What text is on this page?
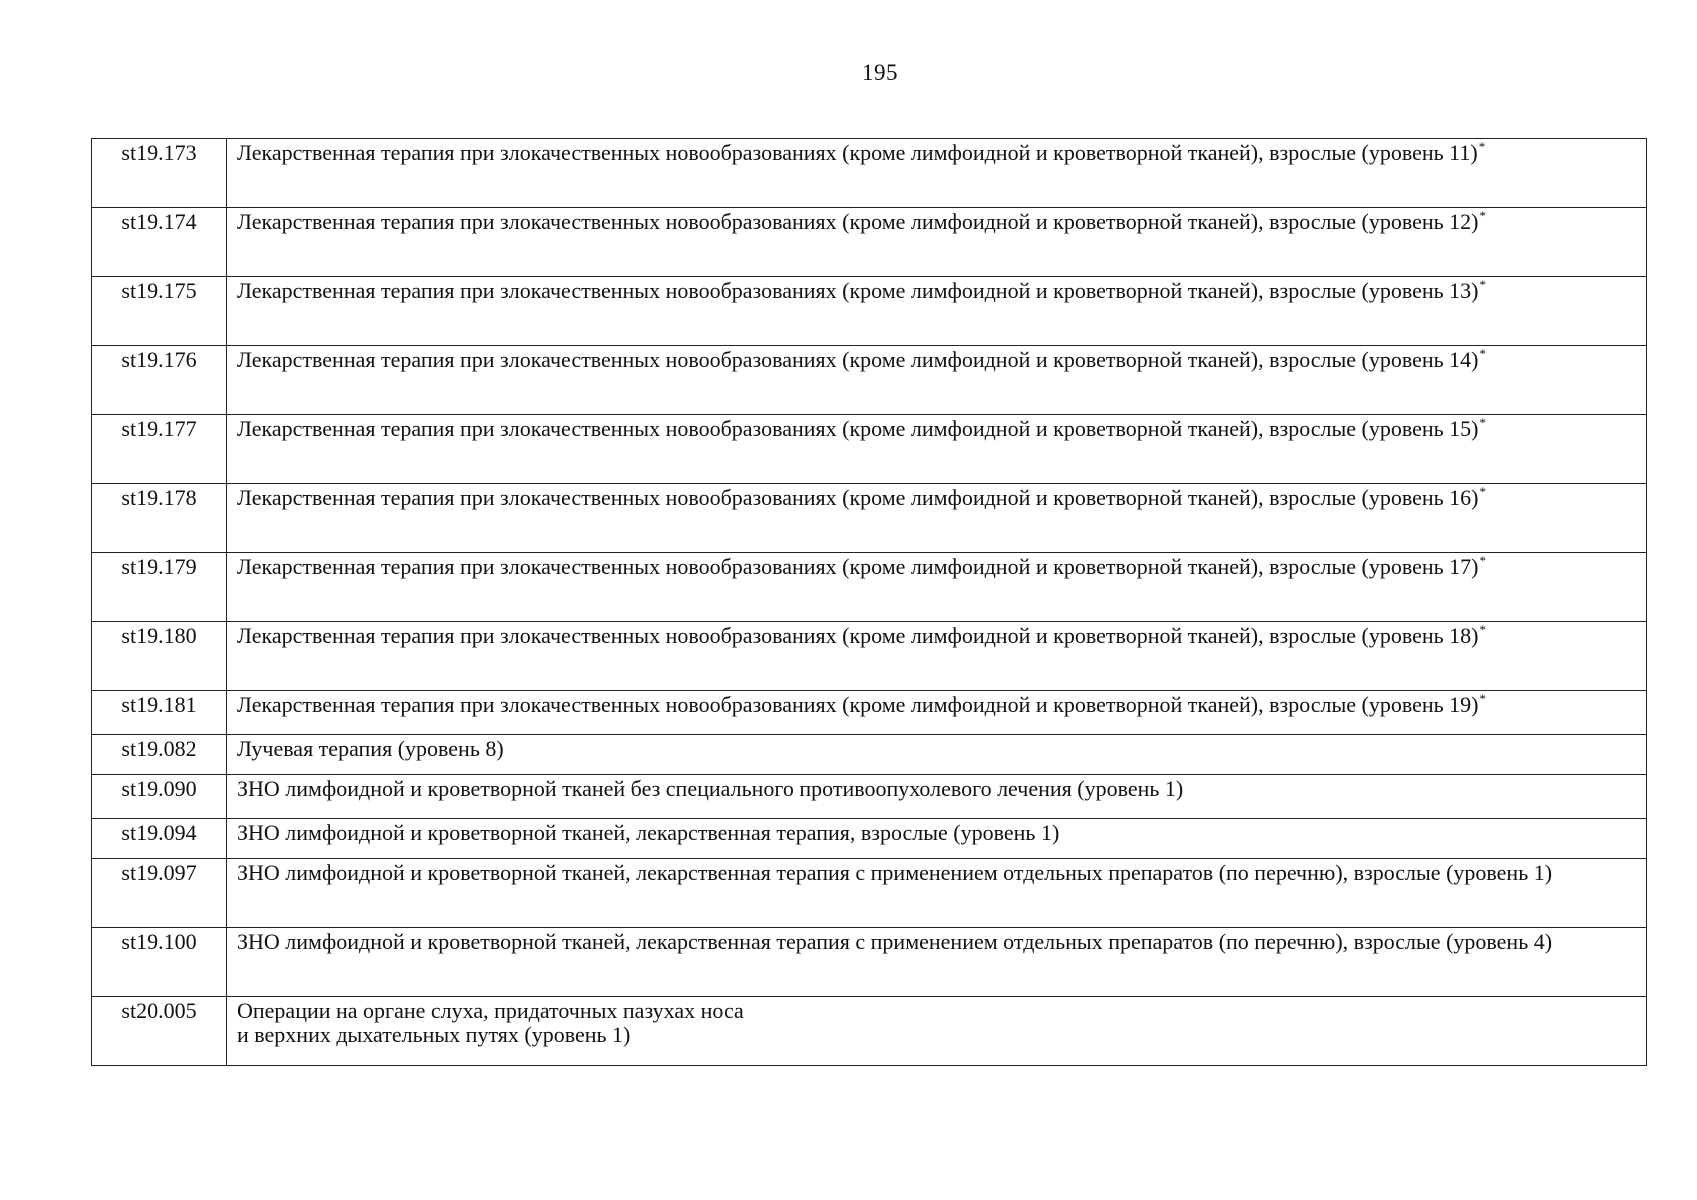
195
st19.173	Лекарственная терапия при злокачественных новообразованиях (кроме лимфоидной и кроветворной тканей), взрослые (уровень 11)*
st19.174	Лекарственная терапия при злокачественных новообразованиях (кроме лимфоидной и кроветворной тканей), взрослые (уровень 12)*
st19.175	Лекарственная терапия при злокачественных новообразованиях (кроме лимфоидной и кроветворной тканей), взрослые (уровень 13)*
st19.176	Лекарственная терапия при злокачественных новообразованиях (кроме лимфоидной и кроветворной тканей), взрослые (уровень 14)*
st19.177	Лекарственная терапия при злокачественных новообразованиях (кроме лимфоидной и кроветворной тканей), взрослые (уровень 15)*
st19.178	Лекарственная терапия при злокачественных новообразованиях (кроме лимфоидной и кроветворной тканей), взрослые (уровень 16)*
st19.179	Лекарственная терапия при злокачественных новообразованиях (кроме лимфоидной и кроветворной тканей), взрослые (уровень 17)*
st19.180	Лекарственная терапия при злокачественных новообразованиях (кроме лимфоидной и кроветворной тканей), взрослые (уровень 18)*
st19.181	Лекарственная терапия при злокачественных новообразованиях (кроме лимфоидной и кроветворной тканей), взрослые (уровень 19)*
st19.082	Лучевая терапия (уровень 8)
st19.090	ЗНО лимфоидной и кроветворной тканей без специального противоопухолевого лечения (уровень 1)
st19.094	ЗНО лимфоидной и кроветворной тканей, лекарственная терапия, взрослые (уровень 1)
st19.097	ЗНО лимфоидной и кроветворной тканей, лекарственная терапия с применением отдельных препаратов (по перечню), взрослые (уровень 1)
st19.100	ЗНО лимфоидной и кроветворной тканей, лекарственная терапия с применением отдельных препаратов (по перечню), взрослые (уровень 4)
st20.005	Операции на органе слуха, придаточных пазухах носа
и верхних дыхательных путях (уровень 1)
